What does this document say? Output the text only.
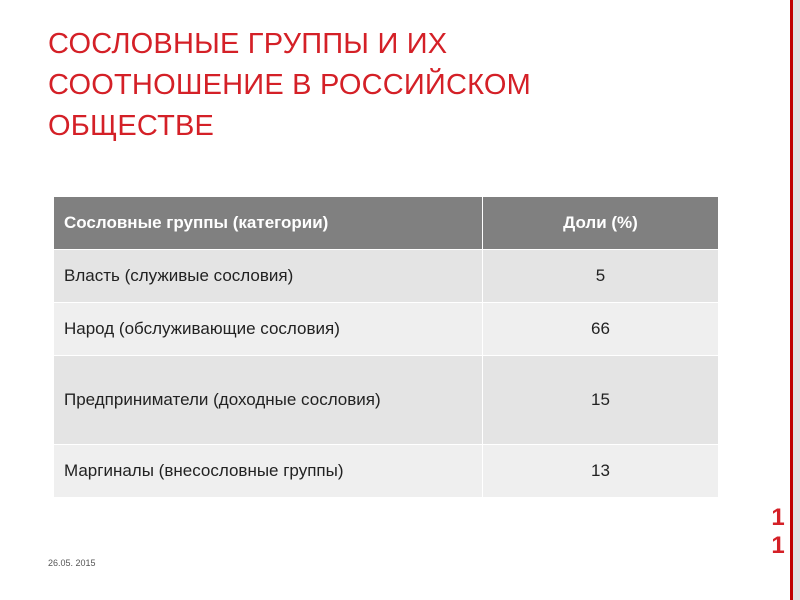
СОСЛОВНЫЕ ГРУППЫ И ИХ
СООТНОШЕНИЕ В РОССИЙСКОМ
ОБЩЕСТВЕ
Сословные группы (категории)	Доли (%)
Власть (служивые сословия)	5
Народ (обслуживающие сословия)	66
Предприниматели (доходные сословия)	15
Маргиналы (внесословные группы)	13
26.05. 2015
11
